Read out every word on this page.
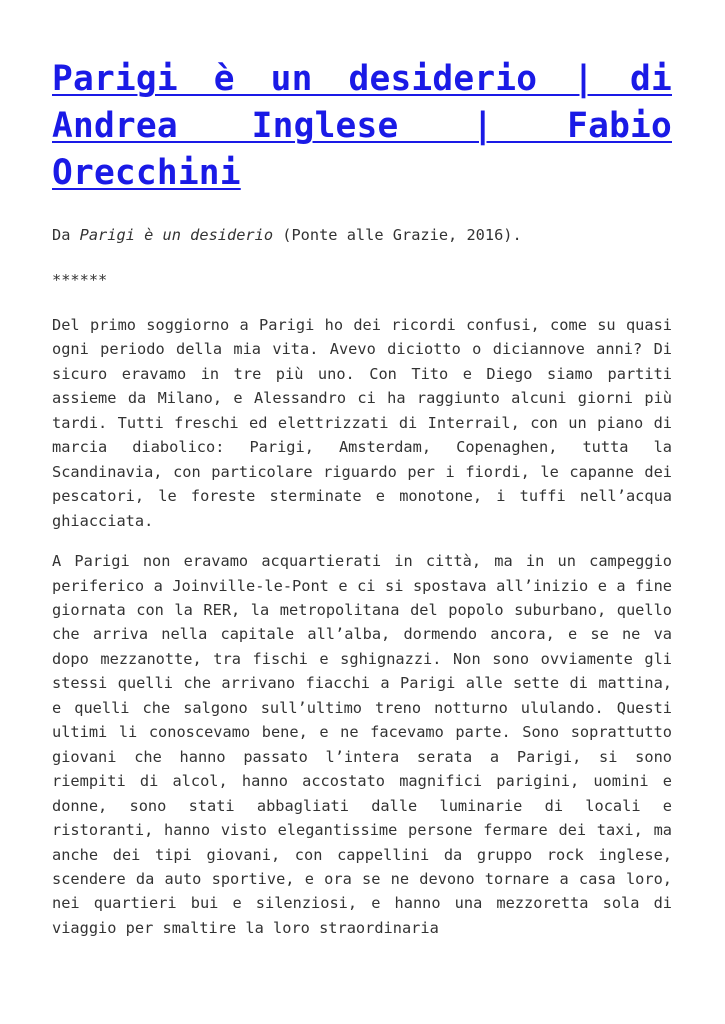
Parigi è un desiderio | di Andrea Inglese | Fabio Orecchini

Da Parigi è un desiderio (Ponte alle Grazie, 2016).

******

Del primo soggiorno a Parigi ho dei ricordi confusi, come su quasi ogni periodo della mia vita. Avevo diciotto o diciannove anni? Di sicuro eravamo in tre più uno. Con Tito e Diego siamo partiti assieme da Milano, e Alessandro ci ha raggiunto alcuni giorni più tardi. Tutti freschi ed elettrizzati di Interrail, con un piano di marcia diabolico: Parigi, Amsterdam, Copenaghen, tutta la Scandinavia, con particolare riguardo per i fiordi, le capanne dei pescatori, le foreste sterminate e monotone, i tuffi nell’acqua ghiacciata.

A Parigi non eravamo acquartierati in città, ma in un campeggio periferico a Joinville-le-Pont e ci si spostava all’inizio e a fine giornata con la RER, la metropolitana del popolo suburbano, quello che arriva nella capitale all’alba, dormendo ancora, e se ne va dopo mezzanotte, tra fischi e sghignazzi. Non sono ovviamente gli stessi quelli che arrivano fiacchi a Parigi alle sette di mattina, e quelli che salgono sull’ultimo treno notturno ululando. Questi ultimi li conoscevamo bene, e ne facevamo parte. Sono soprattutto giovani che hanno passato l’intera serata a Parigi, si sono riempiti di alcol, hanno accostato magnifici parigini, uomini e donne, sono stati abbagliati dalle luminarie di locali e ristoranti, hanno visto elegantissime persone fermare dei taxi, ma anche dei tipi giovani, con cappellini da gruppo rock inglese, scendere da auto sportive, e ora se ne devono tornare a casa loro, nei quartieri bui e silenziosi, e hanno una mezzoretta sola di viaggio per smaltire la loro straordinaria
